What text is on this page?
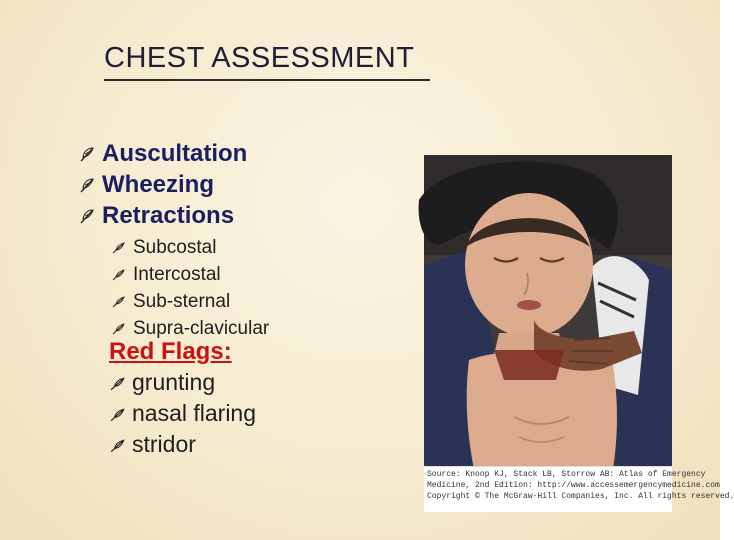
CHEST ASSESSMENT
Auscultation
Wheezing
Retractions
Subcostal
Intercostal
Sub-sternal
Supra-clavicular
Red Flags:
grunting
nasal flaring
stridor
Source: Knoop KJ, Stack LB, Storrow AB: Atlas of Emergency
Medicine, 2nd Edition: http://www.accessemergencymedicine.com
Copyright © The McGraw-Hill Companies, Inc. All rights reserved.
